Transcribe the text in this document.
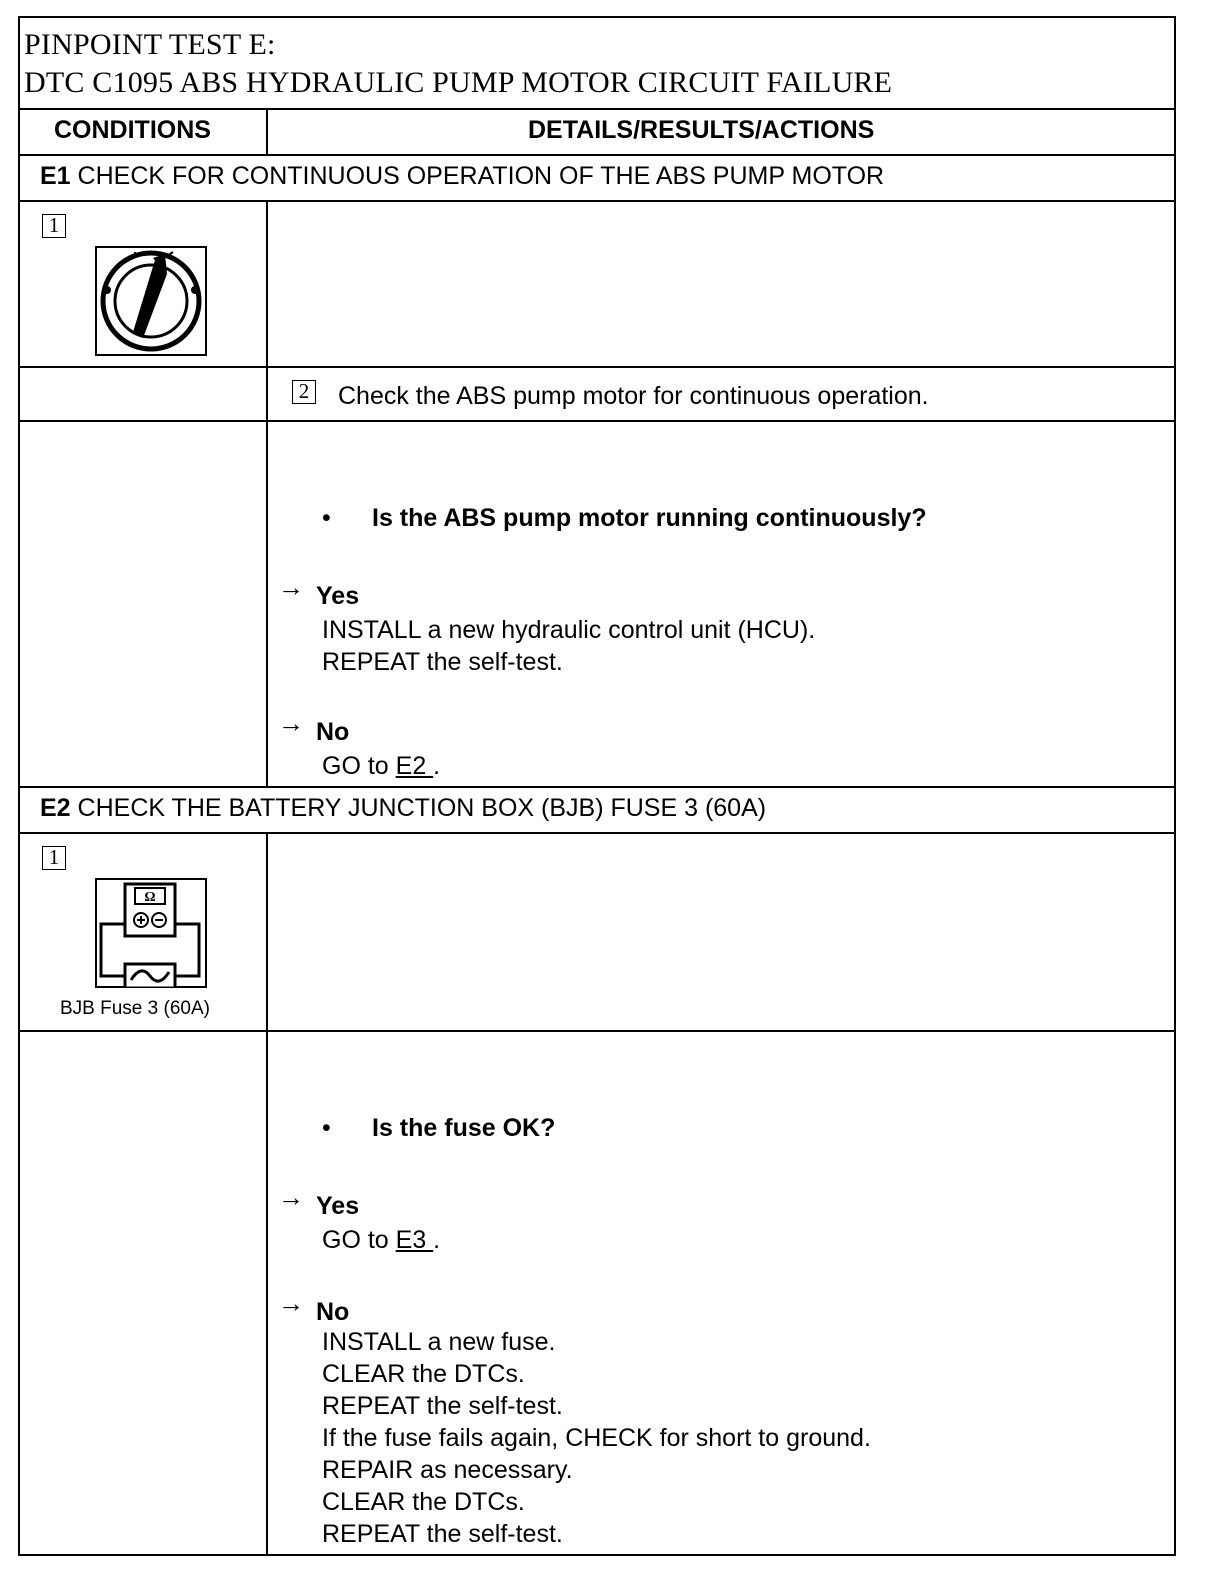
PINPOINT TEST E:
DTC C1095 ABS HYDRAULIC PUMP MOTOR CIRCUIT FAILURE
CONDITIONS	DETAILS/RESULTS/ACTIONS
E1 CHECK FOR CONTINUOUS OPERATION OF THE ABS PUMP MOTOR
1
2 Check the ABS pump motor for continuous operation.
• Is the ABS pump motor running continuously?
→ Yes
INSTALL a new hydraulic control unit (HCU).
REPEAT the self-test.
→ No
GO to E2 .
E2 CHECK THE BATTERY JUNCTION BOX (BJB) FUSE 3 (60A)
1
Ω
BJB Fuse 3 (60A)
• Is the fuse OK?
→ Yes
GO to E3 .
→ No
INSTALL a new fuse.
CLEAR the DTCs.
REPEAT the self-test.
If the fuse fails again, CHECK for short to ground.
REPAIR as necessary.
CLEAR the DTCs.
REPEAT the self-test.
